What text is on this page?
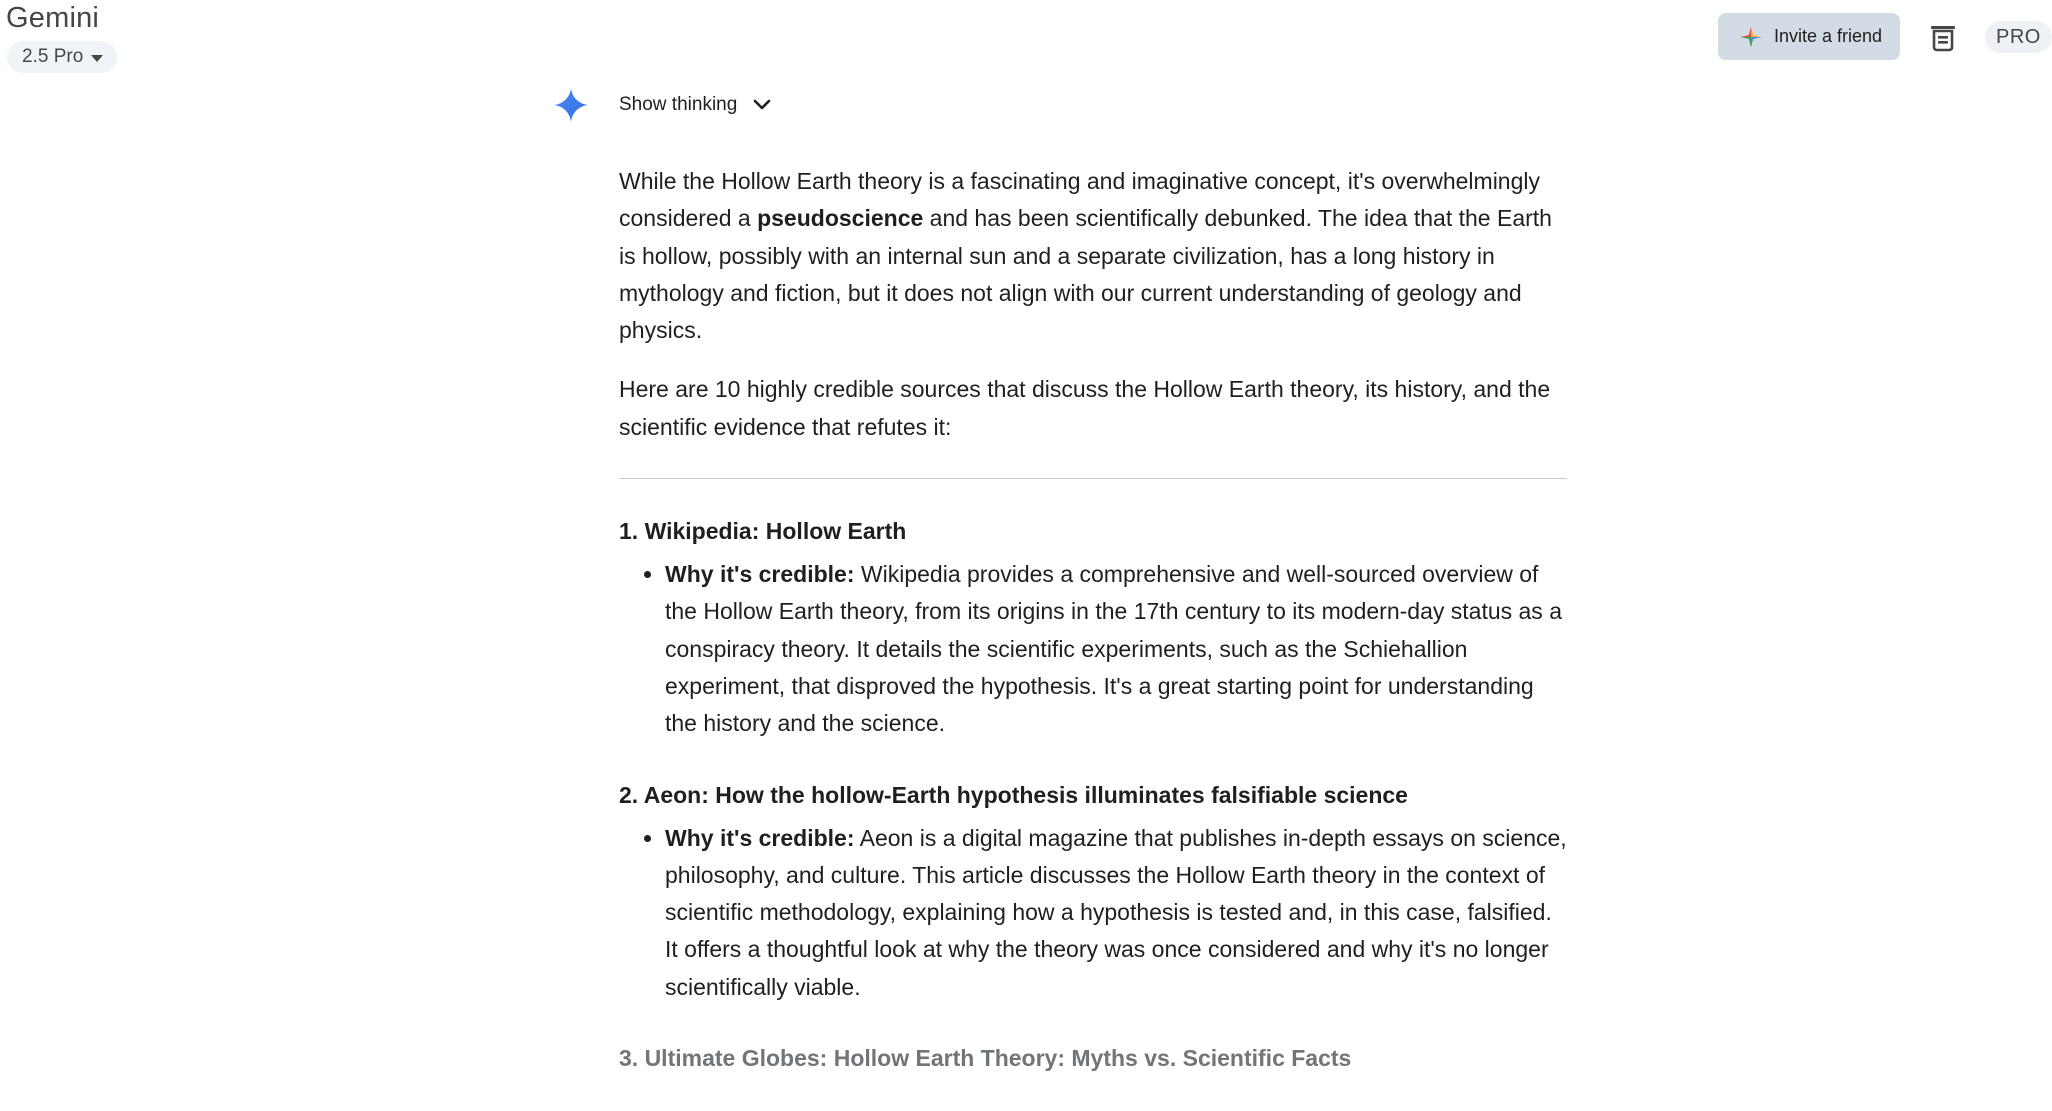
Gemini
2.5 Pro
Invite a friend	PRO
Show thinking

While the Hollow Earth theory is a fascinating and imaginative concept, it's overwhelmingly considered a pseudoscience and has been scientifically debunked. The idea that the Earth is hollow, possibly with an internal sun and a separate civilization, has a long history in mythology and fiction, but it does not align with our current understanding of geology and physics.

Here are 10 highly credible sources that discuss the Hollow Earth theory, its history, and the scientific evidence that refutes it:

1. Wikipedia: Hollow Earth
• Why it's credible: Wikipedia provides a comprehensive and well-sourced overview of the Hollow Earth theory, from its origins in the 17th century to its modern-day status as a conspiracy theory. It details the scientific experiments, such as the Schiehallion experiment, that disproved the hypothesis. It's a great starting point for understanding the history and the science.
2. Aeon: How the hollow-Earth hypothesis illuminates falsifiable science
• Why it's credible: Aeon is a digital magazine that publishes in-depth essays on science, philosophy, and culture. This article discusses the Hollow Earth theory in the context of scientific methodology, explaining how a hypothesis is tested and, in this case, falsified. It offers a thoughtful look at why the theory was once considered and why it's no longer scientifically viable.
3. Ultimate Globes: Hollow Earth Theory: Myths vs. Scientific Facts
